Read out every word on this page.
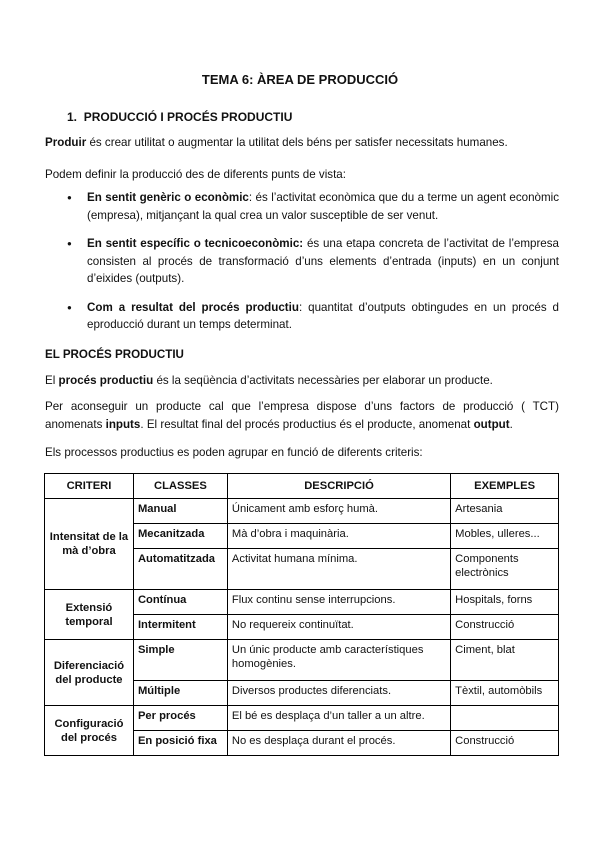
TEMA 6: ÀREA DE PRODUCCIÓ
1. PRODUCCIÓ I PROCÉS PRODUCTIU

Produir és crear utilitat o augmentar la utilitat dels béns per satisfer necessitats humanes.

Podem definir la producció des de diferents punts de vista:

● En sentit genèric o econòmic: és l’activitat econòmica que du a terme un agent econòmic (empresa), mitjançant la qual crea un valor susceptible de ser venut.
● En sentit específic o tecnicoeconòmic: és una etapa concreta de l’activitat de l’empresa consisten al procés de transformació d’uns elements d’entrada (inputs) en un conjunt d’eixides (outputs).
● Com a resultat del procés productiu: quantitat d’outputs obtingudes en un procés d eproducció durant un temps determinat.
EL PROCÉS PRODUCTIU

El procés productiu és la seqüència d’activitats necessàries per elaborar un producte.

Per aconseguir un producte cal que l’empresa dispose d’uns factors de producció ( TCT) anomenats inputs. El resultat final del procés productius és el producte, anomenat output.

Els processos productius es poden agrupar en funció de diferents criteris:

CRITERI	CLASSES	DESCRIPCIÓ	EXEMPLES
Intensitat de la mà d’obra	Manual	Únicament amb esforç humà.	Artesania
	Mecanitzada	Mà d’obra i maquinària.	Mobles, ulleres...
	Automatitzada	Activitat humana mínima.	Components electrònics
Extensió temporal	Contínua	Flux continu sense interrupcions.	Hospitals, forns
	Intermitent	No requereix continuïtat.	Construcció
Diferenciació del producte	Simple	Un únic producte amb característiques homogènies.	Ciment, blat
	Múltiple	Diversos productes diferenciats.	Tèxtil, automòbils
Configuració del procés	Per procés	El bé es desplaça d’un taller a un altre.	
	En posició fixa	No es desplaça durant el procés.	Construcció
